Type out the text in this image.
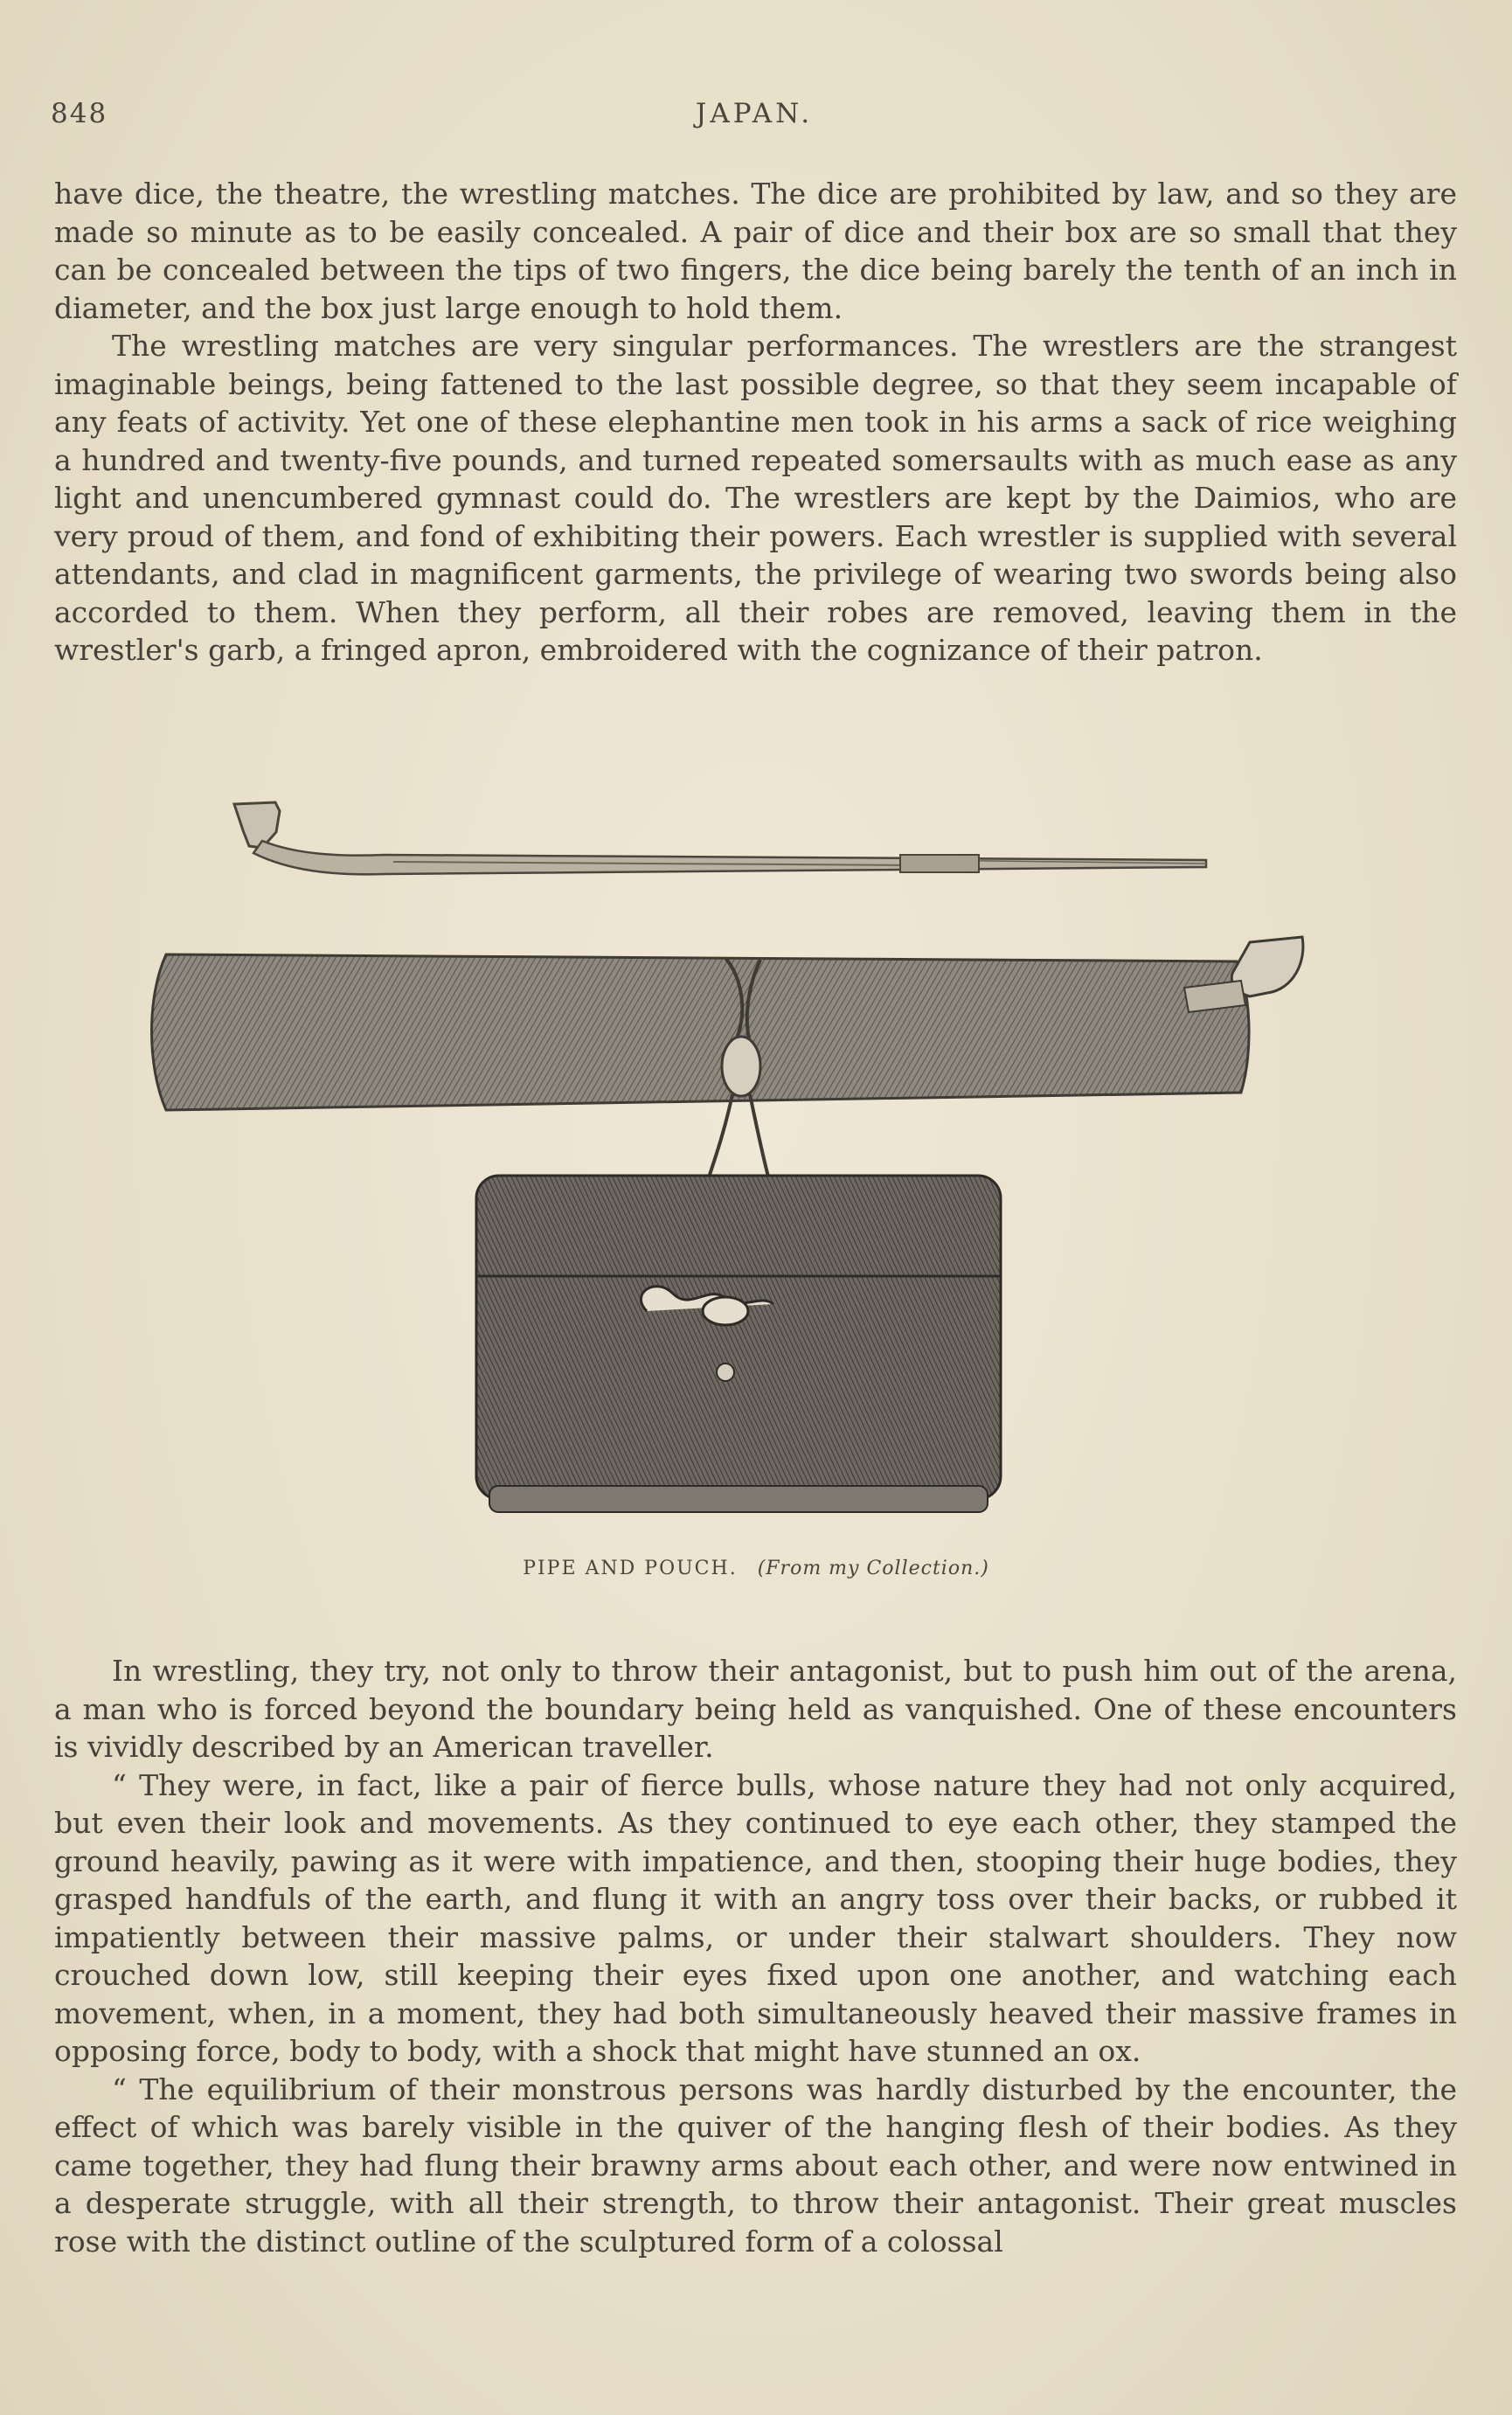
848	JAPAN.

have dice, the theatre, the wrestling matches. The dice are prohibited by law, and so they are made so minute as to be easily concealed. A pair of dice and their box are so small that they can be concealed between the tips of two fingers, the dice being barely the tenth of an inch in diameter, and the box just large enough to hold them.

The wrestling matches are very singular performances. The wrestlers are the strangest imaginable beings, being fattened to the last possible degree, so that they seem incapable of any feats of activity. Yet one of these elephantine men took in his arms a sack of rice weighing a hundred and twenty-five pounds, and turned repeated somersaults with as much ease as any light and unencumbered gymnast could do. The wrestlers are kept by the Daimios, who are very proud of them, and fond of exhibiting their powers. Each wrestler is supplied with several attendants, and clad in magnificent garments, the privilege of wearing two swords being also accorded to them. When they perform, all their robes are removed, leaving them in the wrestler's garb, a fringed apron, embroidered with the cognizance of their patron.

PIPE AND POUCH. (From my Collection.)

In wrestling, they try, not only to throw their antagonist, but to push him out of the arena, a man who is forced beyond the boundary being held as vanquished. One of these encounters is vividly described by an American traveller.

“ They were, in fact, like a pair of fierce bulls, whose nature they had not only acquired, but even their look and movements. As they continued to eye each other, they stamped the ground heavily, pawing as it were with impatience, and then, stooping their huge bodies, they grasped handfuls of the earth, and flung it with an angry toss over their backs, or rubbed it impatiently between their massive palms, or under their stalwart shoulders. They now crouched down low, still keeping their eyes fixed upon one another, and watching each movement, when, in a moment, they had both simultaneously heaved their massive frames in opposing force, body to body, with a shock that might have stunned an ox.

“ The equilibrium of their monstrous persons was hardly disturbed by the encounter, the effect of which was barely visible in the quiver of the hanging flesh of their bodies. As they came together, they had flung their brawny arms about each other, and were now entwined in a desperate struggle, with all their strength, to throw their antagonist. Their great muscles rose with the distinct outline of the sculptured form of a colossal
